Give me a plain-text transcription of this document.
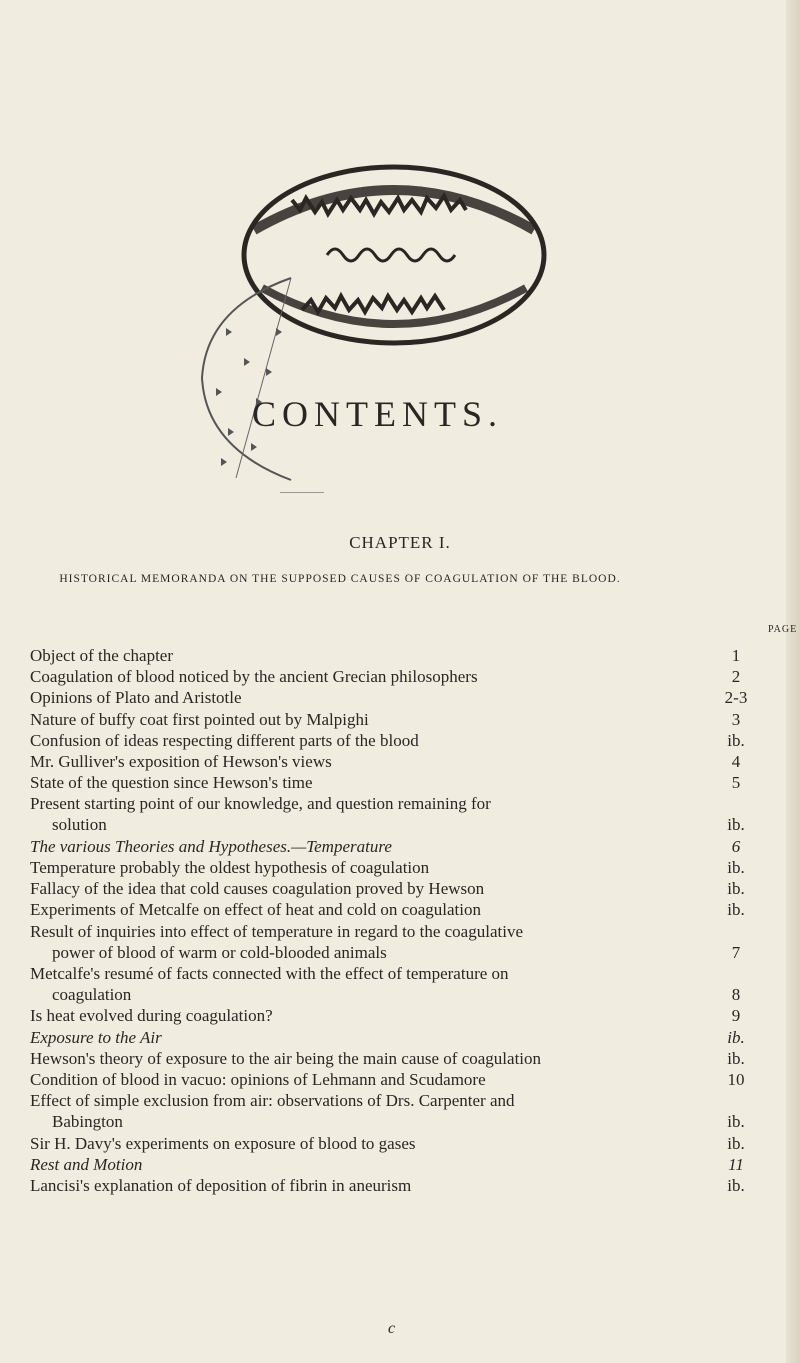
CONTENTS.
CHAPTER I.
HISTORICAL MEMORANDA ON THE SUPPOSED CAUSES OF COAGULATION OF THE BLOOD.
PAGE
Object of the chapter	1
Coagulation of blood noticed by the ancient Grecian philosophers	2
Opinions of Plato and Aristotle	2-3
Nature of buffy coat first pointed out by Malpighi	3
Confusion of ideas respecting different parts of the blood	ib.
Mr. Gulliver's exposition of Hewson's views	4
State of the question since Hewson's time	5
Present starting point of our knowledge, and question remaining for
solution	ib.
The various Theories and Hypotheses.—Temperature	6
Temperature probably the oldest hypothesis of coagulation	ib.
Fallacy of the idea that cold causes coagulation proved by Hewson	ib.
Experiments of Metcalfe on effect of heat and cold on coagulation	ib.
Result of inquiries into effect of temperature in regard to the coagulative
power of blood of warm or cold-blooded animals	7
Metcalfe's resumé of facts connected with the effect of temperature on
coagulation	8
Is heat evolved during coagulation?	9
Exposure to the Air	ib.
Hewson's theory of exposure to the air being the main cause of coagulation	ib.
Condition of blood in vacuo: opinions of Lehmann and Scudamore	10
Effect of simple exclusion from air: observations of Drs. Carpenter and
Babington	ib.
Sir H. Davy's experiments on exposure of blood to gases	ib.
Rest and Motion	11
Lancisi's explanation of deposition of fibrin in aneurism	ib.
c
